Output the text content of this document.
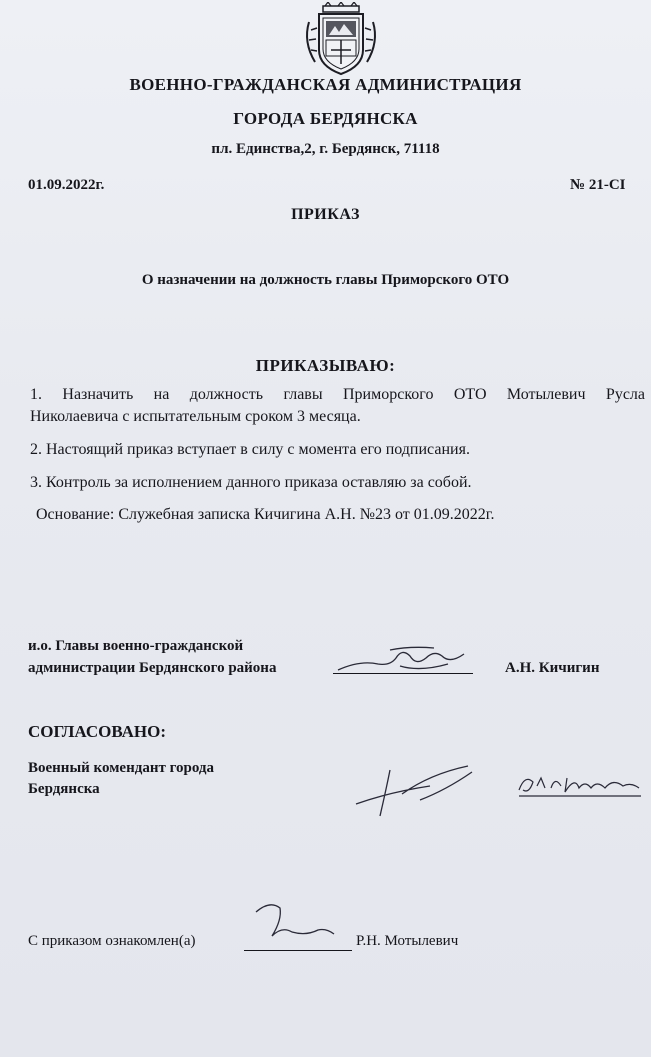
ВОЕННО-ГРАЖДАНСКАЯ АДМИНИСТРАЦИЯ
ГОРОДА БЕРДЯНСКА
пл. Единства,2, г. Бердянск, 71118
01.09.2022г.	№ 21-CI
ПРИКАЗ
О назначении на должность главы Приморского ОТО
ПРИКАЗЫВАЮ:
1. Назначить на должность главы Приморского ОТО Мотылевич Русла
Николаевича с испытательным сроком 3 месяца.
2. Настоящий приказ вступает в силу с момента его подписания.
3. Контроль за исполнением данного приказа оставляю за собой.
Основание: Служебная записка Кичигина А.Н. №23 от 01.09.2022г.
и.о. Главы военно-гражданской
администрации Бердянского района	А.Н. Кичигин
СОГЛАСОВАНО:
Военный комендант города
Бердянска
С приказом ознакомлен(а)	Р.Н. Мотылевич
